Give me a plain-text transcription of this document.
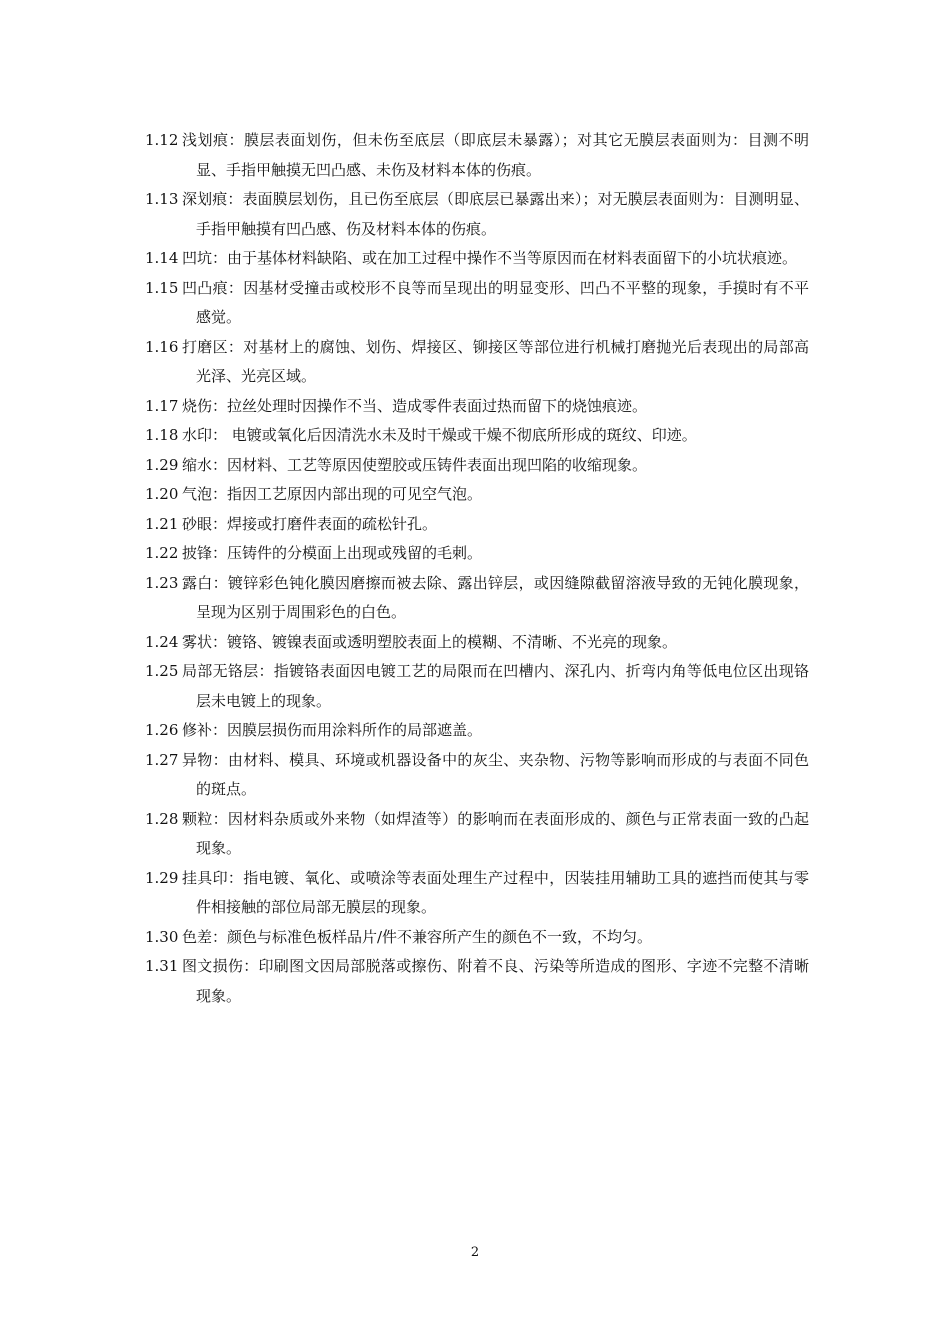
1.12 浅划痕：膜层表面划伤，但未伤至底层（即底层未暴露）；对其它无膜层表面则为：目测不明显、手指甲触摸无凹凸感、未伤及材料本体的伤痕。
1.13 深划痕：表面膜层划伤，且已伤至底层（即底层已暴露出来）；对无膜层表面则为：目测明显、手指甲触摸有凹凸感、伤及材料本体的伤痕。
1.14 凹坑：由于基体材料缺陷、或在加工过程中操作不当等原因而在材料表面留下的小坑状痕迹。
1.15 凹凸痕：因基材受撞击或校形不良等而呈现出的明显变形、凹凸不平整的现象，手摸时有不平感觉。
1.16 打磨区：对基材上的腐蚀、划伤、焊接区、铆接区等部位进行机械打磨抛光后表现出的局部高光泽、光亮区域。
1.17 烧伤：拉丝处理时因操作不当、造成零件表面过热而留下的烧蚀痕迹。
1.18 水印： 电镀或氧化后因清洗水未及时干燥或干燥不彻底所形成的斑纹、印迹。
1.29 缩水：因材料、工艺等原因使塑胶或压铸件表面出现凹陷的收缩现象。
1.20 气泡：指因工艺原因内部出现的可见空气泡。
1.21 砂眼：焊接或打磨件表面的疏松针孔。
1.22 披锋：压铸件的分模面上出现或残留的毛刺。
1.23 露白：镀锌彩色钝化膜因磨擦而被去除、露出锌层，或因缝隙截留溶液导致的无钝化膜现象，呈现为区别于周围彩色的白色。
1.24 雾状：镀铬、镀镍表面或透明塑胶表面上的模糊、不清晰、不光亮的现象。
1.25 局部无铬层：指镀铬表面因电镀工艺的局限而在凹槽内、深孔内、折弯内角等低电位区出现铬层未电镀上的现象。
1.26 修补：因膜层损伤而用涂料所作的局部遮盖。
1.27 异物：由材料、模具、环境或机器设备中的灰尘、夹杂物、污物等影响而形成的与表面不同色的斑点。
1.28 颗粒：因材料杂质或外来物（如焊渣等）的影响而在表面形成的、颜色与正常表面一致的凸起现象。
1.29 挂具印：指电镀、氧化、或喷涂等表面处理生产过程中，因装挂用辅助工具的遮挡而使其与零件相接触的部位局部无膜层的现象。
1.30 色差：颜色与标准色板样品片/件不兼容所产生的颜色不一致，不均匀。
1.31 图文损伤：印刷图文因局部脱落或擦伤、附着不良、污染等所造成的图形、字迹不完整不清晰现象。
2
